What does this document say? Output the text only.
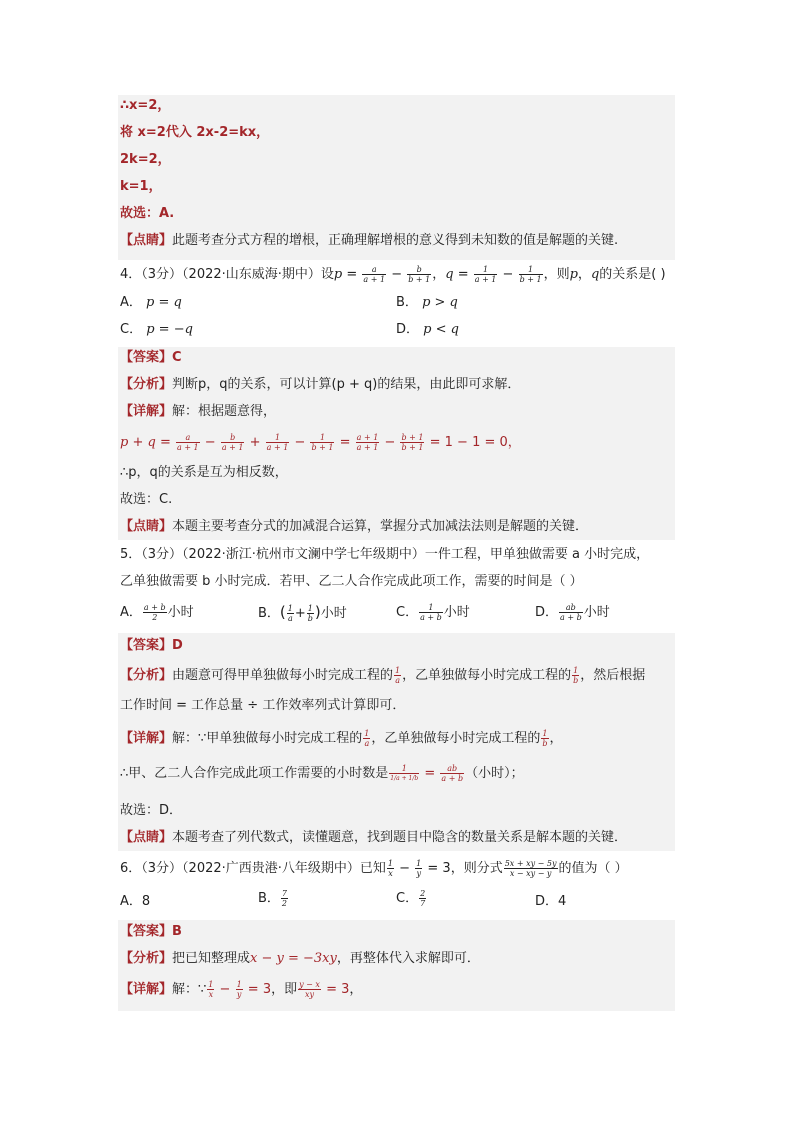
∴x=2，
将 x=2代入 2x-2=kx，
2k=2，
k=1，
故选：A.
【点睛】此题考查分式方程的增根，正确理解增根的意义得到未知数的值是解题的关键.
4．（3分）（2022·山东威海·期中）设$p = \frac{a}{a + 1} - \frac{b}{b + 1}$ ，$q = \frac{1}{a + 1} - \frac{1}{b + 1}$ ，则p，q的关系是( )
A． p = q	B． p > q
C． p = −q	D． p < q
【答案】C
【分析】判断p，q的关系，可以计算(p + q)的结果，由此即可求解．
【详解】解：根据题意得，
$p + q = \frac{a}{a + 1} - \frac{b}{a + 1} + \frac{1}{a + 1} - \frac{1}{b + 1} = \frac{a + 1}{a + 1} - \frac{b + 1}{b + 1} = 1 - 1 = 0$，
∴p，q的关系是互为相反数，
故选：C.
【点睛】本题主要考查分式的加减混合运算，掌握分式加减法法则是解题的关键．
5．（3分）（2022·浙江·杭州市文澜中学七年级期中）一件工程，甲单独做需要 a 小时完成，
乙单独做需要 b 小时完成．若甲、乙二人合作完成此项工作，需要的时间是（ ）
A． $\frac{a + b}{2}$ 小时	B．( $\frac{1}{a} + \frac{1}{b}$ )小时	C． $\frac{1}{a + b}$ 小时	D． $\frac{ab}{a + b}$ 小时
【答案】D
【分析】由题意可得甲单独做每小时完成工程的 $\frac{1}{a}$ ，乙单独做每小时完成工程的 $\frac{1}{b}$ ，然后根据
工作时间 = 工作总量 ÷ 工作效率列式计算即可．
【详解】解：∵甲单独做每小时完成工程的 $\frac{1}{a}$ ，乙单独做每小时完成工程的 $\frac{1}{b}$ ，
∴甲、乙二人合作完成此项工作需要的小时数是 $\frac{1}{1/a + 1/b} = \frac{ab}{a + b}$ （小时）；
故选：D．
【点睛】本题考查了列代数式，读懂题意，找到题目中隐含的数量关系是解本题的关键．
6．（3分）（2022·广西贵港·八年级期中）已知 $\frac{1}{x} - \frac{1}{y} = 3$，则分式 $\frac{5x + xy - 5y}{x - xy - y}$ 的值为（ ）
A．8	B． $\frac{7}{2}$	C． $\frac{2}{7}$	D．4
【答案】B
【分析】把已知整理成x − y = −3xy，再整体代入求解即可．
【详解】解：∵ $\frac{1}{x} - \frac{1}{y} = 3$，即 $\frac{y - x}{xy} = 3$，
